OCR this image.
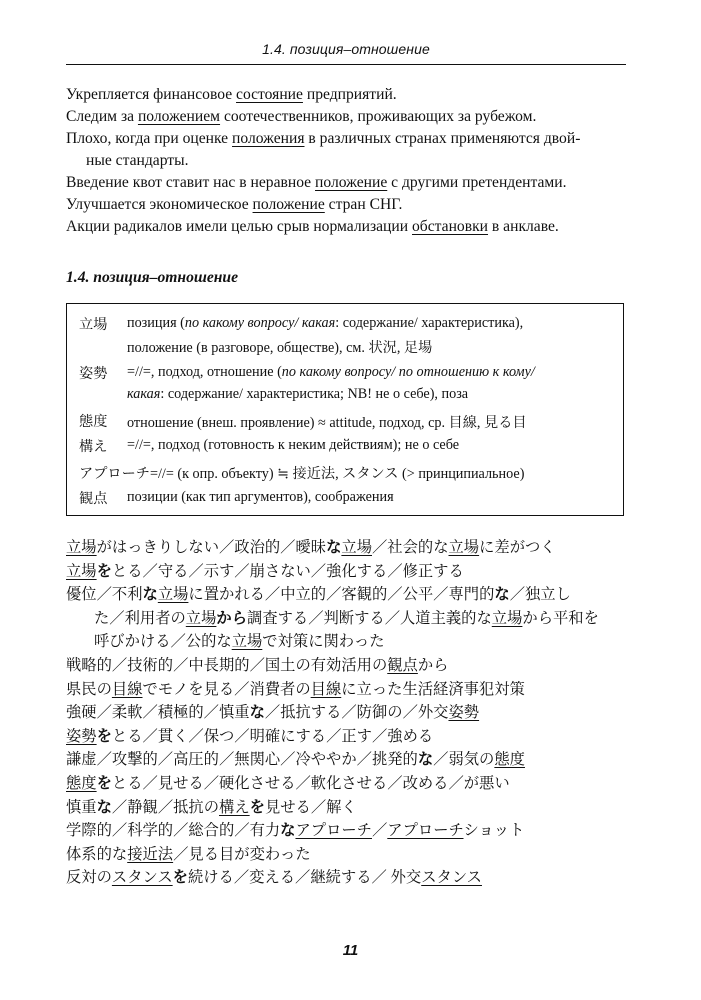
1.4. позиция–отношение
Укрепляется финансовое состояние предприятий.
Следим за положением соотечественников, проживающих за рубежом.
Плохо, когда при оценке положения в различных странах применяются двой-
ные стандарты.
Введение квот ставит нас в неравное положение с другими претендентами.
Улучшается экономическое положение стран СНГ.
Акции радикалов имели целью срыв нормализации обстановки в анклаве.
1.4. позиция–отношение
立場 позиция (по какому вопросу/ какая: содержание/ характеристика),
положение (в разговоре, обществе), см. 状況, 足場
姿勢 =//=, подход, отношение (по какому вопросу/ по отношению к кому/
какая: содержание/ характеристика; NB! не о себе), поза
態度 отношение (внеш. проявление) ≈ attitude, подход, ср. 目線, 見る目
構え =//=, подход (готовность к неким действиям); не о себе
アプローチ=//= (к опр. объекту) ≒ 接近法, スタンス (> принципиальное)
観点 позиции (как тип аргументов), соображения
立場がはっきりしない／政治的／曖昧な立場／社会的な立場に差がつく
立場をとる／守る／示す／崩さない／強化する／修正する
優位／不利な立場に置かれる／中立的／客観的／公平／専門的な／独立し
た／利用者の立場から調査する／判断する／人道主義的な立場から平和を
呼びかける／公的な立場で対策に関わった
戦略的／技術的／中長期的／国土の有効活用の観点から
県民の目線でモノを見る／消費者の目線に立った生活経済事犯対策
強硬／柔軟／積極的／慎重な／抵抗する／防御の／外交姿勢
姿勢をとる／貫く／保つ／明確にする／正す／強める
謙虚／攻撃的／高圧的／無関心／冷ややか／挑発的な／弱気の態度
態度をとる／見せる／硬化させる／軟化させる／改める／が悪い
慎重な／静観／抵抗の構えを見せる／解く
学際的／科学的／総合的／有力なアプローチ／アプローチショット
体系的な接近法／見る目が変わった
反対のスタンスを続ける／変える／継続する／ 外交スタンス
11
